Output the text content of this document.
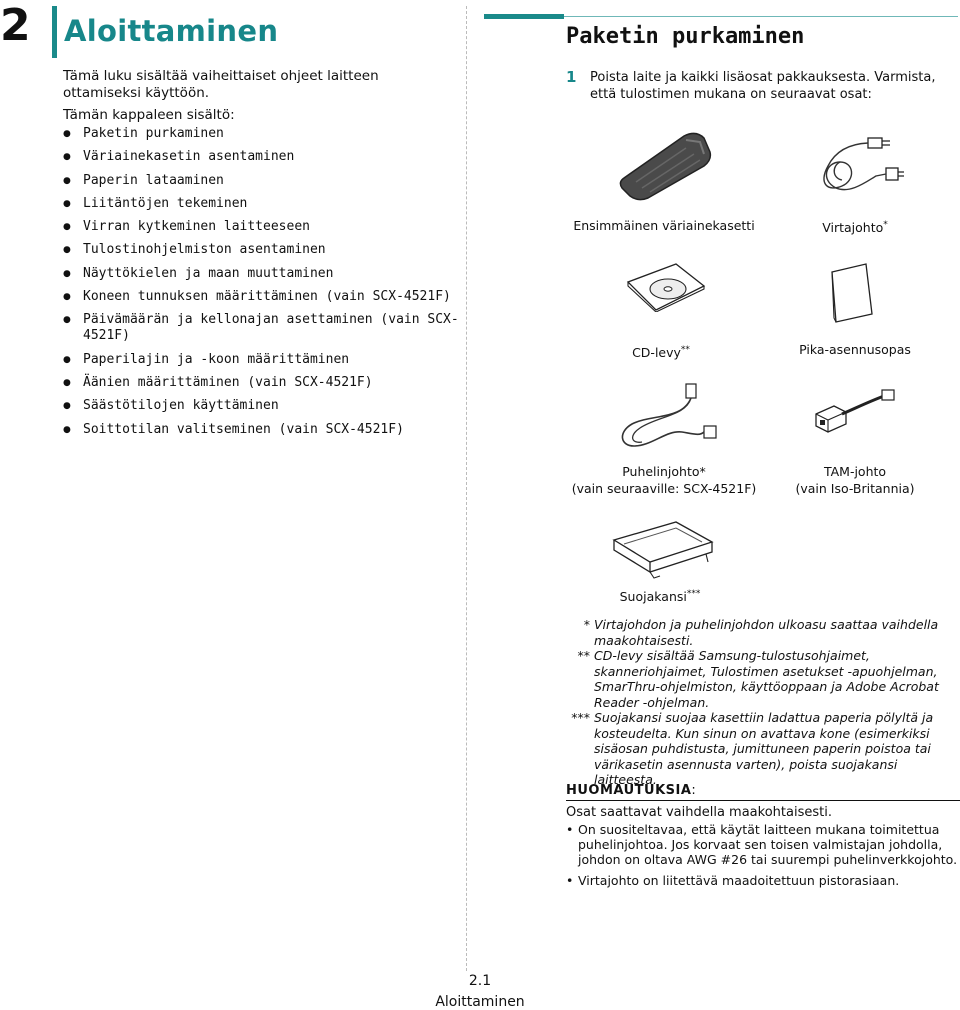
2 Aloittaminen
Tämä luku sisältää vaiheittaiset ohjeet laitteen ottamiseksi käyttöön.
Tämän kappaleen sisältö:
● Paketin purkaminen
● Väriainekasetin asentaminen
● Paperin lataaminen
● Liitäntöjen tekeminen
● Virran kytkeminen laitteeseen
● Tulostinohjelmiston asentaminen
● Näyttökielen ja maan muuttaminen
● Koneen tunnuksen määrittäminen (vain SCX-4521F)
● Päivämäärän ja kellonajan asettaminen (vain SCX-4521F)
● Paperilajin ja -koon määrittäminen
● Äänien määrittäminen (vain SCX-4521F)
● Säästötilojen käyttäminen
● Soittotilan valitseminen (vain SCX-4521F)
Paketin purkaminen
1 Poista laite ja kaikki lisäosat pakkauksesta. Varmista, että tulostimen mukana on seuraavat osat:
Ensimmäinen väriainekasetti	Virtajohto*
CD-levy**	Pika-asennusopas
Puhelinjohto*
(vain seuraaville: SCX-4521F)
TAM-johto
(vain Iso-Britannia)
Suojakansi***
* Virtajohdon ja puhelinjohdon ulkoasu saattaa vaihdella maakohtaisesti.
** CD-levy sisältää Samsung-tulostusohjaimet, skanneriohjaimet, Tulostimen asetukset -apuohjelman, SmarThru-ohjelmiston, käyttöoppaan ja Adobe Acrobat Reader -ohjelman.
*** Suojakansi suojaa kasettiin ladattua paperia pölyltä ja kosteudelta. Kun sinun on avattava kone (esimerkiksi sisäosan puhdistusta, jumittuneen paperin poistoa tai värikasetin asennusta varten), poista suojakansi laitteesta.
HUOMAUTUKSIA:
Osat saattavat vaihdella maakohtaisesti.
• On suositeltavaa, että käytät laitteen mukana toimitettua puhelinjohtoa. Jos korvaat sen toisen valmistajan johdolla, johdon on oltava AWG #26 tai suurempi puhelinverkkojohto.
• Virtajohto on liitettävä maadoitettuun pistorasiaan.
2.1
Aloittaminen
